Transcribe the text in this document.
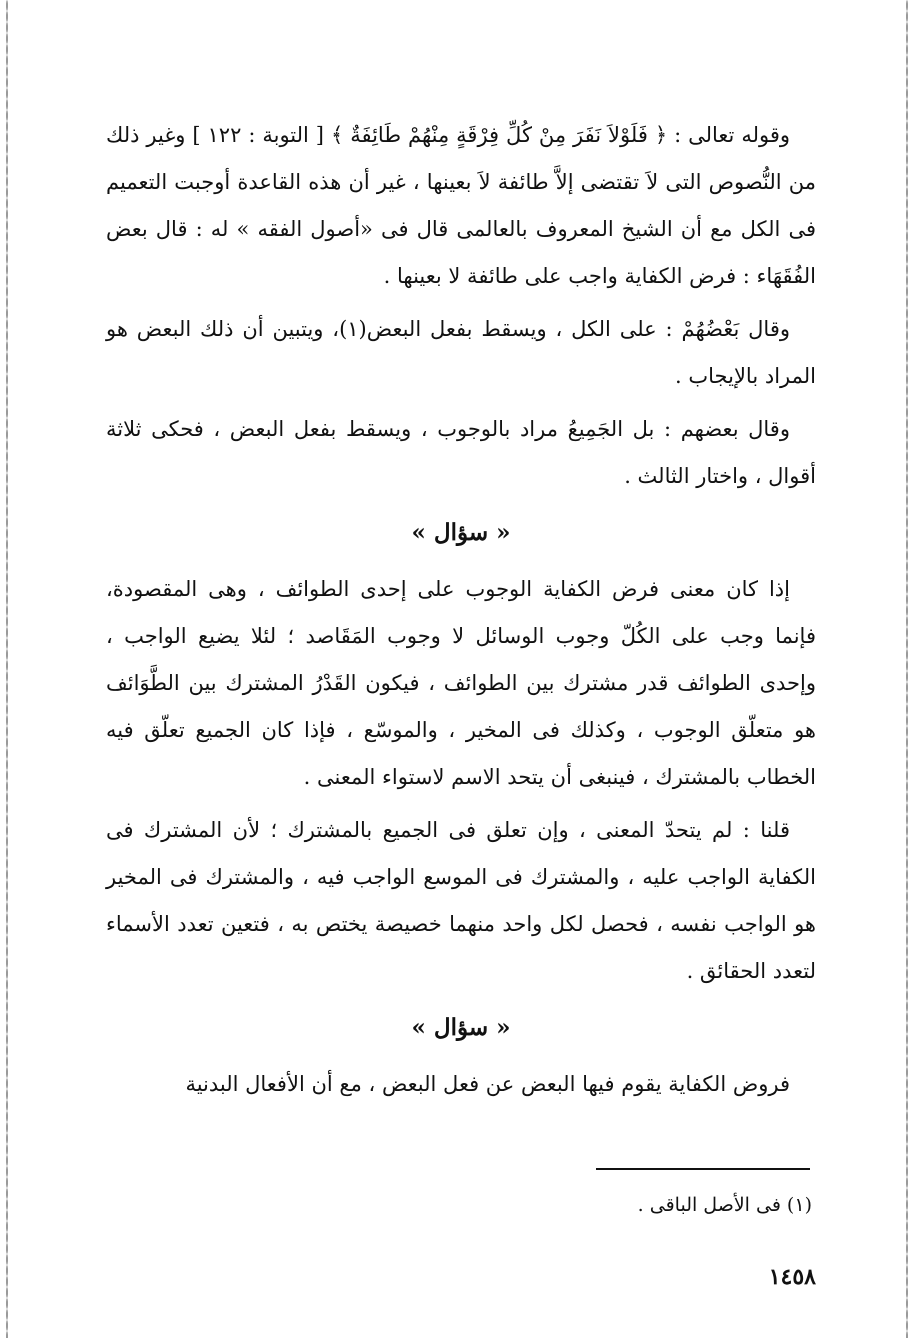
وقوله تعالى : ﴿ فَلَوْلاَ نَفَرَ مِنْ كُلِّ فِرْقَةٍ مِنْهُمْ طَائِفَةٌ ﴾ [ التوبة : ١٢٢ ] وغير ذلك من النُّصوص التى لاَ تقتضى إلاَّ طائفة لاَ بعينها ، غير أن هذه القاعدة أوجبت التعميم فى الكل مع أن الشيخ المعروف بالعالمى قال فى «أصول الفقه » له : قال بعض الفُقَهَاء : فرض الكفاية واجب على طائفة لا بعينها .

وقال بَعْضُهُمْ : على الكل ، ويسقط بفعل البعض(١)، ويتبين أن ذلك البعض هو المراد بالإيجاب .

وقال بعضهم : بل الجَمِيعُ مراد بالوجوب ، ويسقط بفعل البعض ، فحكى ثلاثة أقوال ، واختار الثالث .

« سؤال »

إذا كان معنى فرض الكفاية الوجوب على إحدى الطوائف ، وهى المقصودة، فإنما وجب على الكُلّ وجوب الوسائل لا وجوب المَقَاصد ؛ لئلا يضيع الواجب ، وإحدى الطوائف قدر مشترك بين الطوائف ، فيكون القَدْرُ المشترك بين الطَّوَائف هو متعلّق الوجوب ، وكذلك فى المخير ، والموسّع ، فإذا كان الجميع تعلّق فيه الخطاب بالمشترك ، فينبغى أن يتحد الاسم لاستواء المعنى .

قلنا : لم يتحدّ المعنى ، وإن تعلق فى الجميع بالمشترك ؛ لأن المشترك فى الكفاية الواجب عليه ، والمشترك فى الموسع الواجب فيه ، والمشترك فى المخير هو الواجب نفسه ، فحصل لكل واحد منهما خصيصة يختص به ، فتعين تعدد الأسماء لتعدد الحقائق .

« سؤال »

فروض الكفاية يقوم فيها البعض عن فعل البعض ، مع أن الأفعال البدنية

(١) فى الأصل الباقى .
١٤٥٨
